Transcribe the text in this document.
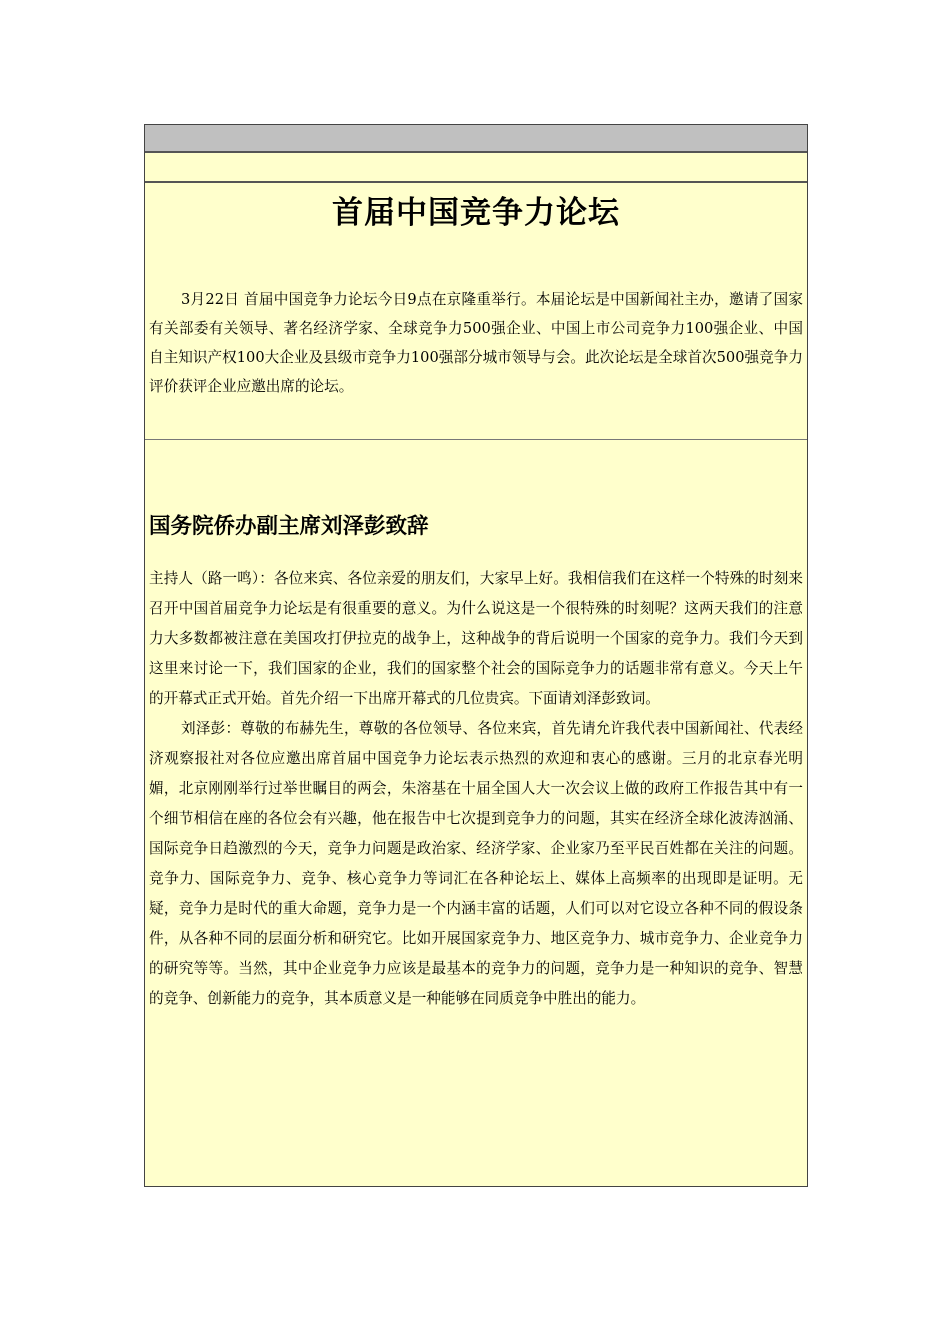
首届中国竞争力论坛

3月22日 首届中国竞争力论坛今日9点在京隆重举行。本届论坛是中国新闻社主办，邀请了国家有关部委有关领导、著名经济学家、全球竞争力500强企业、中国上市公司竞争力100强企业、中国自主知识产权100大企业及县级市竞争力100强部分城市领导与会。此次论坛是全球首次500强竞争力评价获评企业应邀出席的论坛。

国务院侨办副主席刘泽彭致辞

主持人（路一鸣）：各位来宾、各位亲爱的朋友们，大家早上好。我相信我们在这样一个特殊的时刻来召开中国首届竞争力论坛是有很重要的意义。为什么说这是一个很特殊的时刻呢？这两天我们的注意力大多数都被注意在美国攻打伊拉克的战争上，这种战争的背后说明一个国家的竞争力。我们今天到这里来讨论一下，我们国家的企业，我们的国家整个社会的国际竞争力的话题非常有意义。今天上午的开幕式正式开始。首先介绍一下出席开幕式的几位贵宾。下面请刘泽彭致词。

刘泽彭：尊敬的布赫先生，尊敬的各位领导、各位来宾，首先请允许我代表中国新闻社、代表经济观察报社对各位应邀出席首届中国竞争力论坛表示热烈的欢迎和衷心的感谢。三月的北京春光明媚，北京刚刚举行过举世瞩目的两会，朱溶基在十届全国人大一次会议上做的政府工作报告其中有一个细节相信在座的各位会有兴趣，他在报告中七次提到竞争力的问题，其实在经济全球化波涛汹涌、国际竞争日趋激烈的今天，竞争力问题是政治家、经济学家、企业家乃至平民百姓都在关注的问题。竞争力、国际竞争力、竞争、核心竞争力等词汇在各种论坛上、媒体上高频率的出现即是证明。无疑，竞争力是时代的重大命题，竞争力是一个内涵丰富的话题，人们可以对它设立各种不同的假设条件，从各种不同的层面分析和研究它。比如开展国家竞争力、地区竞争力、城市竞争力、企业竞争力的研究等等。当然，其中企业竞争力应该是最基本的竞争力的问题，竞争力是一种知识的竞争、智慧的竞争、创新能力的竞争，其本质意义是一种能够在同质竞争中胜出的能力。
